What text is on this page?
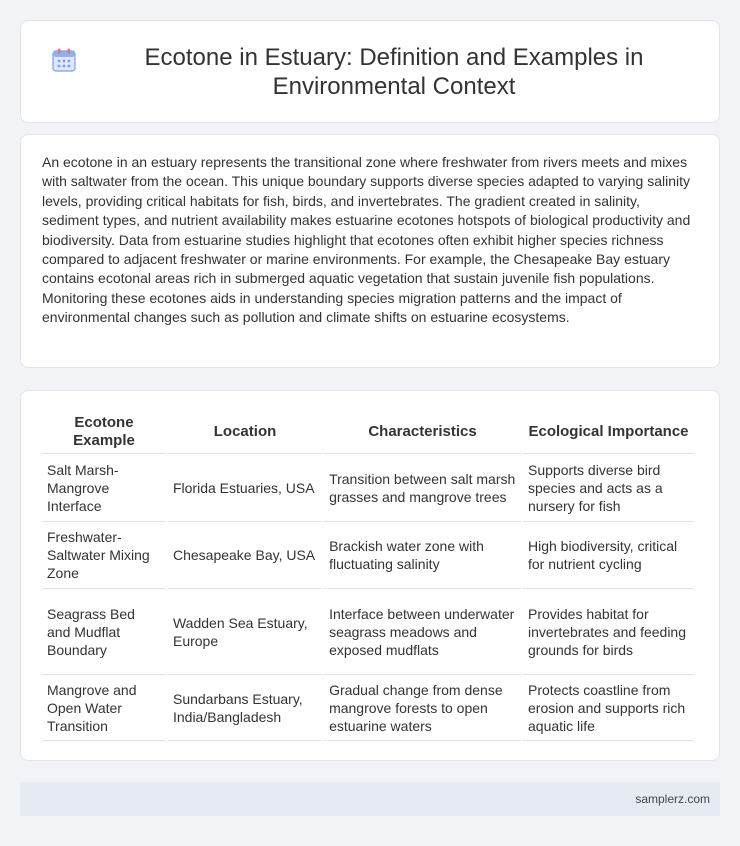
Ecotone in Estuary: Definition and Examples in Environmental Context

An ecotone in an estuary represents the transitional zone where freshwater from rivers meets and mixes with saltwater from the ocean. This unique boundary supports diverse species adapted to varying salinity levels, providing critical habitats for fish, birds, and invertebrates. The gradient created in salinity, sediment types, and nutrient availability makes estuarine ecotones hotspots of biological productivity and biodiversity. Data from estuarine studies highlight that ecotones often exhibit higher species richness compared to adjacent freshwater or marine environments. For example, the Chesapeake Bay estuary contains ecotonal areas rich in submerged aquatic vegetation that sustain juvenile fish populations. Monitoring these ecotones aids in understanding species migration patterns and the impact of environmental changes such as pollution and climate shifts on estuarine ecosystems.

Ecotone Example	Location	Characteristics	Ecological Importance
Salt Marsh-Mangrove Interface	Florida Estuaries, USA	Transition between salt marsh grasses and mangrove trees	Supports diverse bird species and acts as a nursery for fish
Freshwater-Saltwater Mixing Zone	Chesapeake Bay, USA	Brackish water zone with fluctuating salinity	High biodiversity, critical for nutrient cycling
Seagrass Bed and Mudflat Boundary	Wadden Sea Estuary, Europe	Interface between underwater seagrass meadows and exposed mudflats	Provides habitat for invertebrates and feeding grounds for birds
Mangrove and Open Water Transition	Sundarbans Estuary, India/Bangladesh	Gradual change from dense mangrove forests to open estuarine waters	Protects coastline from erosion and supports rich aquatic life
samplerz.com
